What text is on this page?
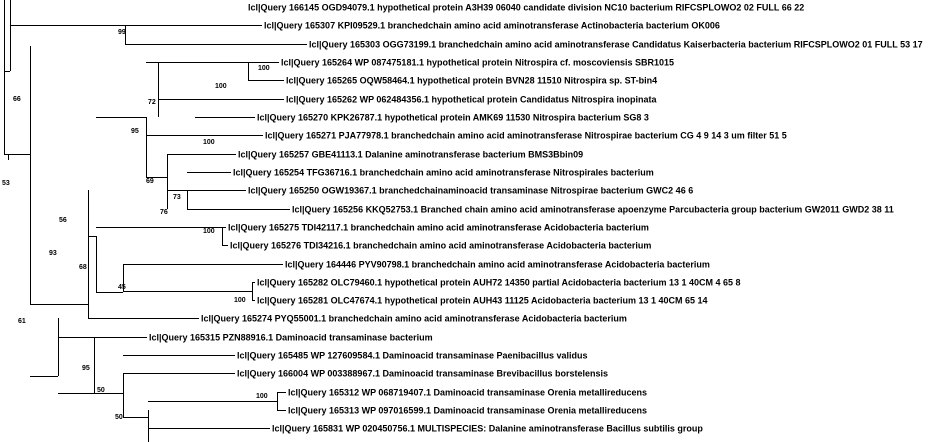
lcl|Query 166145 OGD94079.1 hypothetical protein A3H39 06040 candidate division NC10 bacterium RIFCSPLOWO2 02 FULL 66 22
lcl|Query 165307 KPI09529.1 branchedchain amino acid aminotransferase Actinobacteria bacterium OK006
lcl|Query 165303 OGG73199.1 branchedchain amino acid aminotransferase Candidatus Kaiserbacteria bacterium RIFCSPLOWO2 01 FULL 53 17
lcl|Query 165264 WP 087475181.1 hypothetical protein Nitrospira cf. moscoviensis SBR1015
lcl|Query 165265 OQW58464.1 hypothetical protein BVN28 11510 Nitrospira sp. ST-bin4
lcl|Query 165262 WP 062484356.1 hypothetical protein Candidatus Nitrospira inopinata
lcl|Query 165270 KPK26787.1 hypothetical protein AMK69 11530 Nitrospira bacterium SG8 3
lcl|Query 165271 PJA77978.1 branchedchain amino acid aminotransferase Nitrospirae bacterium CG 4 9 14 3 um filter 51 5
lcl|Query 165257 GBE41113.1 Dalanine aminotransferase bacterium BMS3Bbin09
lcl|Query 165254 TFG36716.1 branchedchain amino acid aminotransferase Nitrospirales bacterium
lcl|Query 165250 OGW19367.1 branchedchainaminoacid transaminase Nitrospirae bacterium GWC2 46 6
lcl|Query 165256 KKQ52753.1 Branched chain amino acid aminotransferase apoenzyme Parcubacteria group bacterium GW2011 GWD2 38 11
lcl|Query 165275 TDI42117.1 branchedchain amino acid aminotransferase Acidobacteria bacterium
lcl|Query 165276 TDI34216.1 branchedchain amino acid aminotransferase Acidobacteria bacterium
lcl|Query 164446 PYV90798.1 branchedchain amino acid aminotransferase Acidobacteria bacterium
lcl|Query 165282 OLC79460.1 hypothetical protein AUH72 14350 partial Acidobacteria bacterium 13 1 40CM 4 65 8
lcl|Query 165281 OLC47674.1 hypothetical protein AUH43 11125 Acidobacteria bacterium 13 1 40CM 65 14
lcl|Query 165274 PYQ55001.1 branchedchain amino acid aminotransferase Acidobacteria bacterium
lcl|Query 165315 PZN88916.1 Daminoacid transaminase bacterium
lcl|Query 165485 WP 127609584.1 Daminoacid transaminase Paenibacillus validus
lcl|Query 166004 WP 003388967.1 Daminoacid transaminase Brevibacillus borstelensis
lcl|Query 165312 WP 068719407.1 Daminoacid transaminase Orenia metallireducens
lcl|Query 165313 WP 097016599.1 Daminoacid transaminase Orenia metallireducens
lcl|Query 165831 WP 020450756.1 MULTISPECIES: Dalanine aminotransferase Bacillus subtilis group
99
66
53
100
100
72
95
100
69
73
76
56
100
68
45
100
93
61
95
50
50
100
